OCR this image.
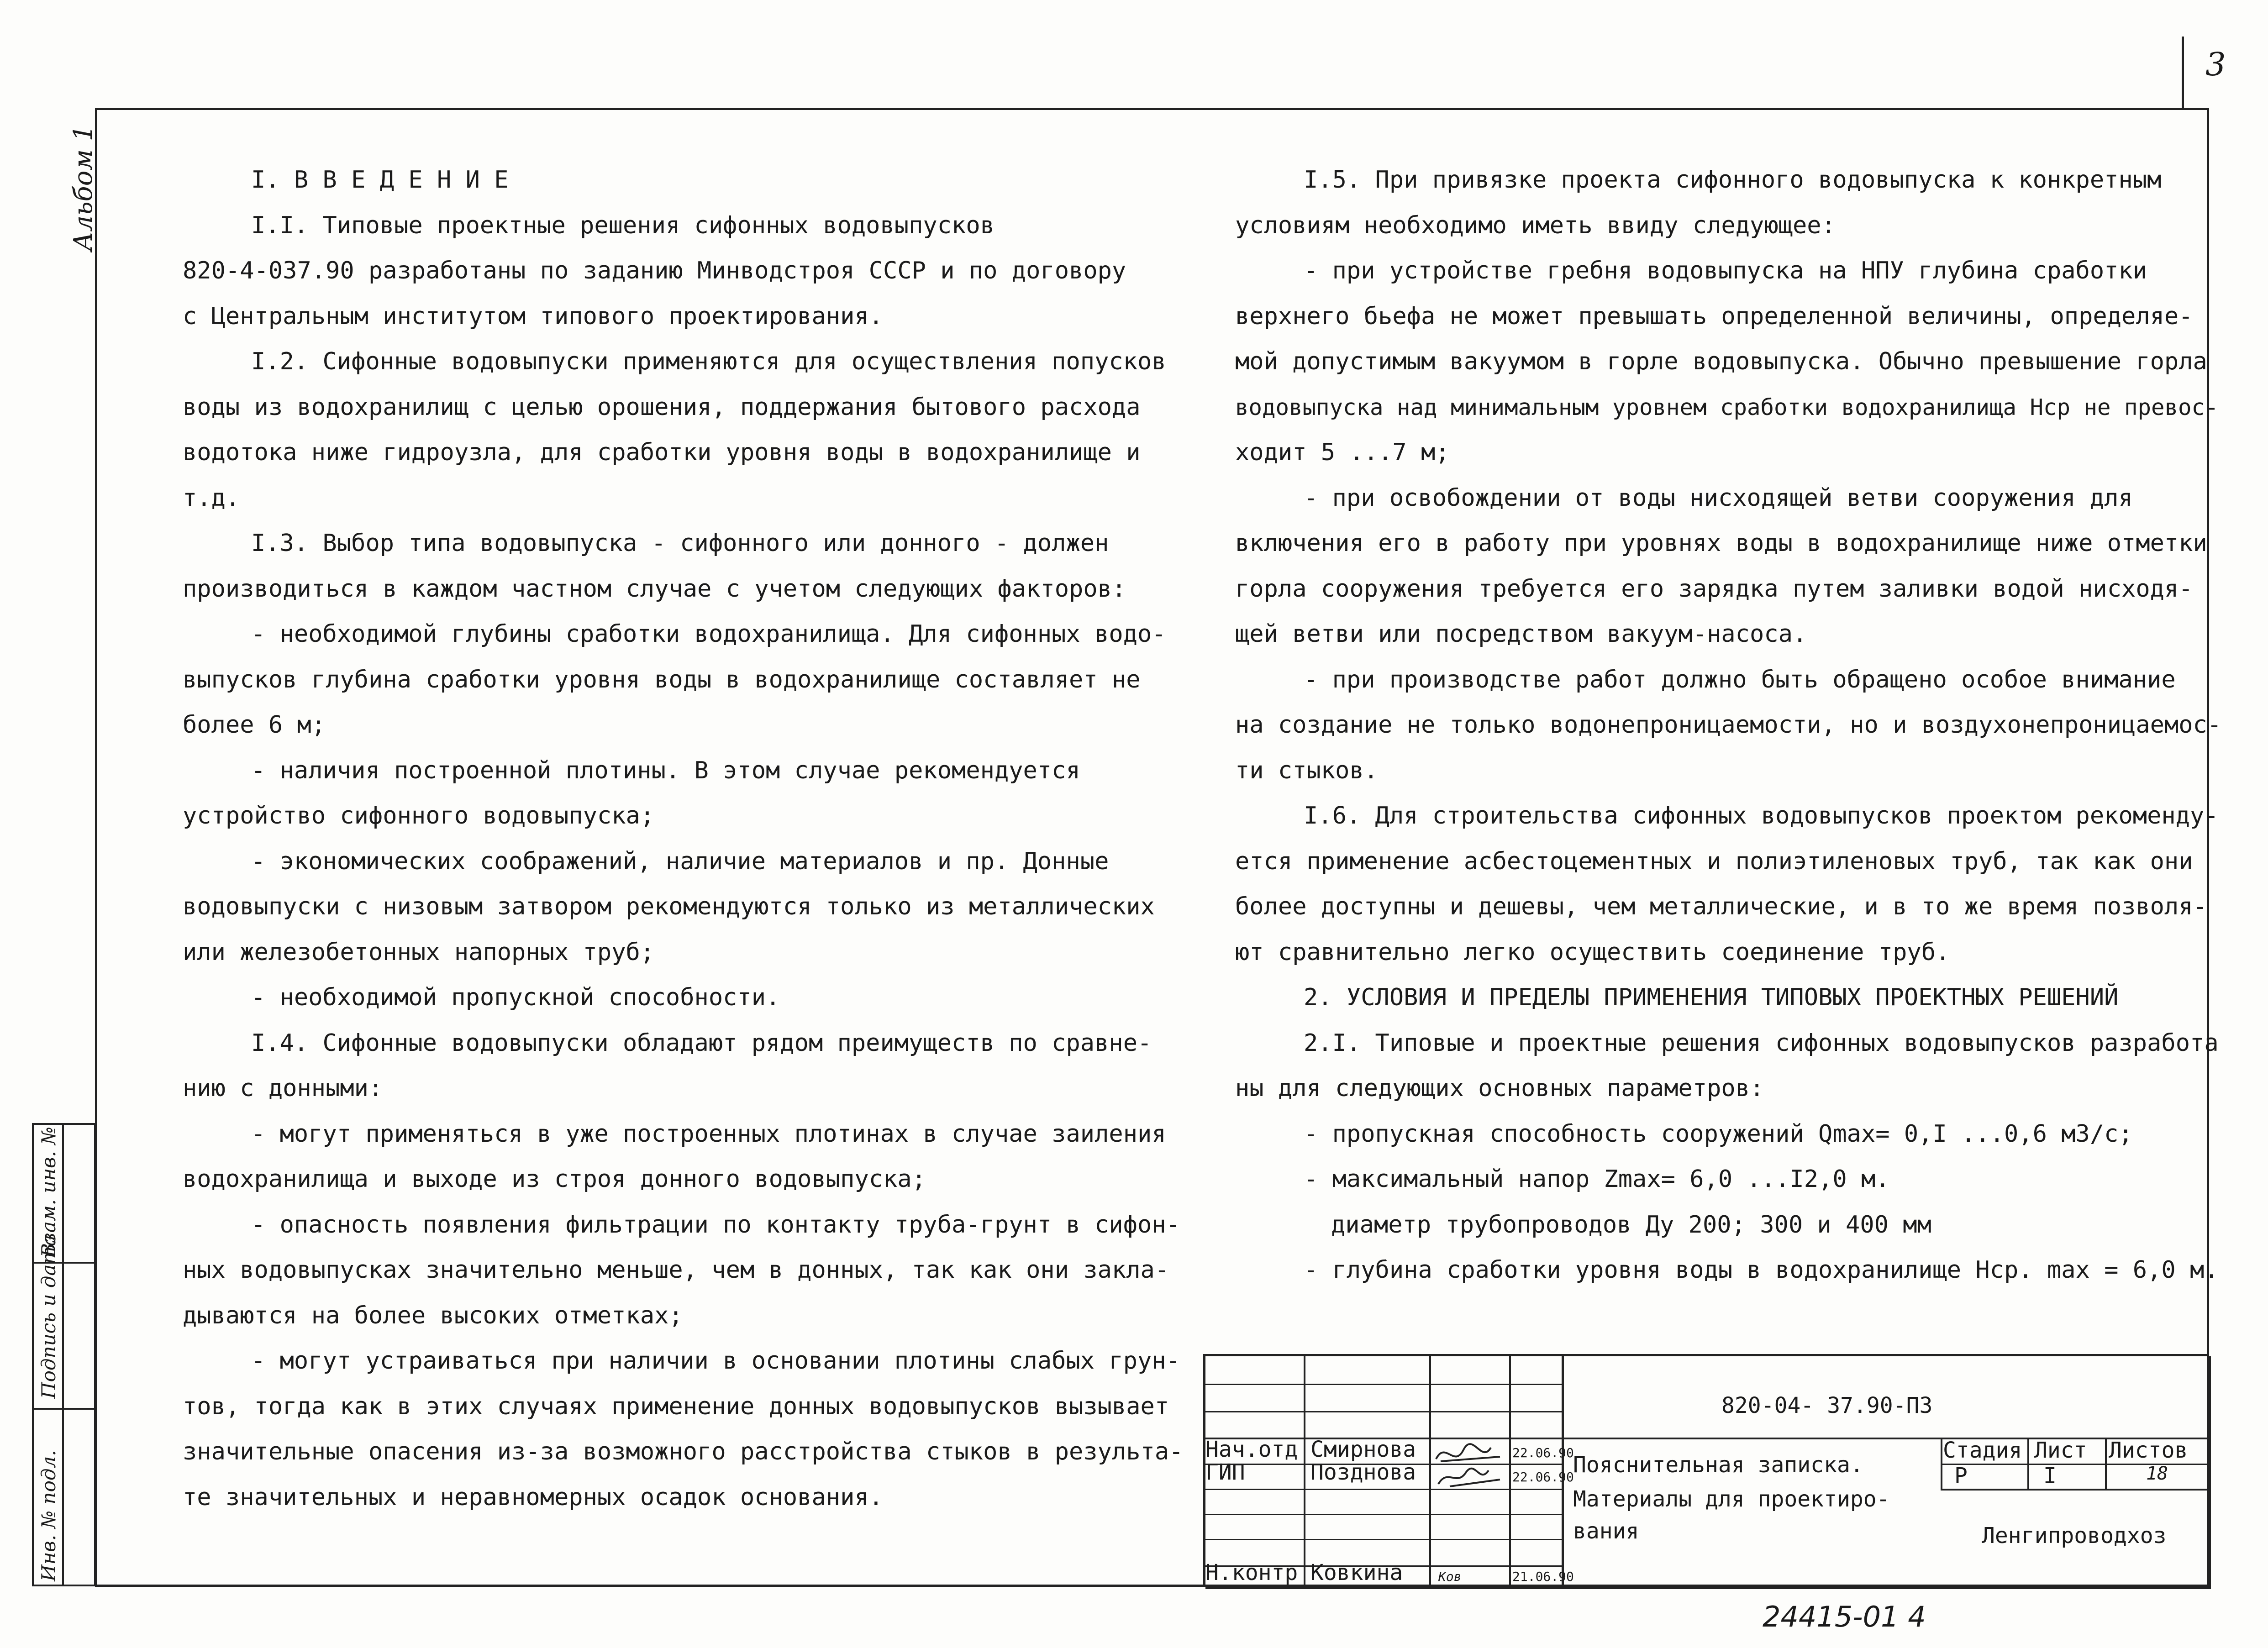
3
Альбом 1
Инв. № подл.
Подпись и дата
Взам. инв. №

I. В В Е Д Е Н И Е

I.I. Типовые проектные решения сифонных водовыпусков

820-4-037.90 разработаны по заданию Минводстроя СССР и по договору

с Центральным институтом типового проектирования.

I.2. Сифонные водовыпуски применяются для осуществления попусков

воды из водохранилищ с целью орошения, поддержания бытового расхода

водотока ниже гидроузла, для сработки уровня воды в водохранилище и

т.д.

I.3. Выбор типа водовыпуска - сифонного или донного - должен

производиться в каждом частном случае с учетом следующих факторов:

- необходимой глубины сработки водохранилища. Для сифонных водо-

выпусков глубина сработки уровня воды в водохранилище составляет не

более 6 м;

- наличия построенной плотины. В этом случае рекомендуется

устройство сифонного водовыпуска;

- экономических соображений, наличие материалов и пр. Донные

водовыпуски с низовым затвором рекомендуются только из металлических

или железобетонных напорных труб;

- необходимой пропускной способности.

I.4. Сифонные водовыпуски обладают рядом преимуществ по сравне-

нию с донными:

- могут применяться в уже построенных плотинах в случае заиления

водохранилища и выходе из строя донного водовыпуска;

- опасность появления фильтрации по контакту труба-грунт в сифон-

ных водовыпусках значительно меньше, чем в донных, так как они закла-

дываются на более высоких отметках;

- могут устраиваться при наличии в основании плотины слабых грун-

тов, тогда как в этих случаях применение донных водовыпусков вызывает

значительные опасения из-за возможного расстройства стыков в результа-

те значительных и неравномерных осадок основания.

I.5. При привязке проекта сифонного водовыпуска к конкретным

условиям необходимо иметь ввиду следующее:

- при устройстве гребня водовыпуска на НПУ глубина сработки

верхнего бьефа не может превышать определенной величины, определяе-

мой допустимым вакуумом в горле водовыпуска. Обычно превышение горла

водовыпуска над минимальным уровнем сработки водохранилища Нср не превос-

ходит 5 ...7 м;

- при освобождении от воды нисходящей ветви сооружения для

включения его в работу при уровнях воды в водохранилище ниже отметки

горла сооружения требуется его зарядка путем заливки водой нисходя-

щей ветви или посредством вакуум-насоса.

- при производстве работ должно быть обращено особое внимание

на создание не только водонепроницаемости, но и воздухонепроницаемос-

ти стыков.

I.6. Для строительства сифонных водовыпусков проектом рекоменду-

ется применение асбестоцементных и полиэтиленовых труб, так как они

более доступны и дешевы, чем металлические, и в то же время позволя-

ют сравнительно легко осуществить соединение труб.

2. УСЛОВИЯ И ПРЕДЕЛЫ ПРИМЕНЕНИЯ ТИПОВЫХ ПРОЕКТНЫХ РЕШЕНИЙ

2.I. Типовые и проектные решения сифонных водовыпусков разработа

ны для следующих основных параметров:

- пропускная способность сооружений Qmax= 0,I ...0,6 м3/с;

- максимальный напор Zmax= 6,0 ...I2,0 м.

диаметр трубопроводов Ду 200; 300 и 400 мм

- глубина сработки уровня воды в водохранилище Нср. max = 6,0 м.

820-04- 37.90-ПЗ
Нач.отд Смирнова	22.06.90
ГИП	Позднова	22.06.90
Н.контр Ковкина	Ков	21.06.90
Пояснительная записка.
Материалы для проектиро-
вания
Стадия Лист Листов
Р	I	18
Ленгипроводхоз
24415-01 4
